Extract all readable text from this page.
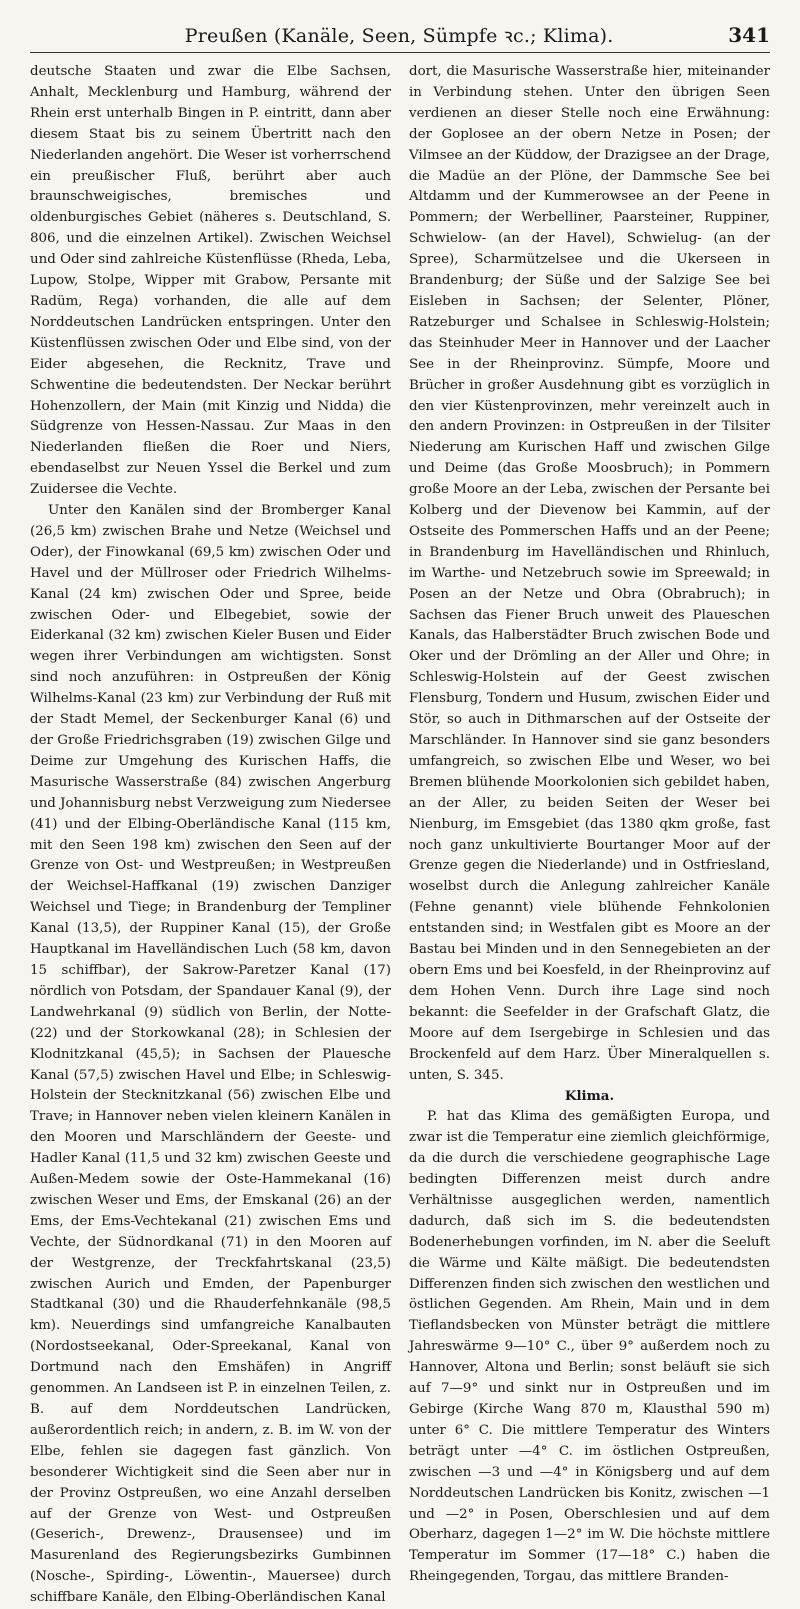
Preußen (Kanäle, Seen, Sümpfe ꝛc.; Klima).	341

deutsche Staaten und zwar die Elbe Sachsen, Anhalt, Mecklenburg und Hamburg, während der Rhein erst unterhalb Bingen in P. eintritt, dann aber diesem Staat bis zu seinem Übertritt nach den Niederlanden angehört. Die Weser ist vorherrschend ein preußischer Fluß, berührt aber auch braunschweigisches, bremisches und oldenburgisches Gebiet (näheres s. Deutschland, S. 806, und die einzelnen Artikel). Zwischen Weichsel und Oder sind zahlreiche Küstenflüsse (Rheda, Leba, Lupow, Stolpe, Wipper mit Grabow, Persante mit Radüm, Rega) vorhanden, die alle auf dem Norddeutschen Landrücken entspringen. Unter den Küstenflüssen zwischen Oder und Elbe sind, von der Eider abgesehen, die Recknitz, Trave und Schwentine die bedeutendsten. Der Neckar berührt Hohenzollern, der Main (mit Kinzig und Nidda) die Südgrenze von Hessen-Nassau. Zur Maas in den Niederlanden fließen die Roer und Niers, ebendaselbst zur Neuen Yssel die Berkel und zum Zuidersee die Vechte.

Unter den Kanälen sind der Bromberger Kanal (26,5 km) zwischen Brahe und Netze (Weichsel und Oder), der Finowkanal (69,5 km) zwischen Oder und Havel und der Müllroser oder Friedrich Wilhelms-Kanal (24 km) zwischen Oder und Spree, beide zwischen Oder- und Elbegebiet, sowie der Eiderkanal (32 km) zwischen Kieler Busen und Eider wegen ihrer Verbindungen am wichtigsten. Sonst sind noch anzuführen: in Ostpreußen der König Wilhelms-Kanal (23 km) zur Verbindung der Ruß mit der Stadt Memel, der Seckenburger Kanal (6) und der Große Friedrichsgraben (19) zwischen Gilge und Deime zur Umgehung des Kurischen Haffs, die Masurische Wasserstraße (84) zwischen Angerburg und Johannisburg nebst Verzweigung zum Niedersee (41) und der Elbing-Oberländische Kanal (115 km, mit den Seen 198 km) zwischen den Seen auf der Grenze von Ost- und Westpreußen; in Westpreußen der Weichsel-Haffkanal (19) zwischen Danziger Weichsel und Tiege; in Brandenburg der Templiner Kanal (13,5), der Ruppiner Kanal (15), der Große Hauptkanal im Havelländischen Luch (58 km, davon 15 schiffbar), der Sakrow-Paretzer Kanal (17) nördlich von Potsdam, der Spandauer Kanal (9), der Landwehrkanal (9) südlich von Berlin, der Notte- (22) und der Storkowkanal (28); in Schlesien der Klodnitzkanal (45,5); in Sachsen der Plauesche Kanal (57,5) zwischen Havel und Elbe; in Schleswig-Holstein der Stecknitzkanal (56) zwischen Elbe und Trave; in Hannover neben vielen kleinern Kanälen in den Mooren und Marschländern der Geeste- und Hadler Kanal (11,5 und 32 km) zwischen Geeste und Außen-Medem sowie der Oste-Hammekanal (16) zwischen Weser und Ems, der Emskanal (26) an der Ems, der Ems-Vechtekanal (21) zwischen Ems und Vechte, der Südnordkanal (71) in den Mooren auf der Westgrenze, der Treckfahrtskanal (23,5) zwischen Aurich und Emden, der Papenburger Stadtkanal (30) und die Rhauderfehnkanäle (98,5 km). Neuerdings sind umfangreiche Kanalbauten (Nordostseekanal, Oder-Spreekanal, Kanal von Dortmund nach den Emshäfen) in Angriff genommen. An Landseen ist P. in einzelnen Teilen, z. B. auf dem Norddeutschen Landrücken, außerordentlich reich; in andern, z. B. im W. von der Elbe, fehlen sie dagegen fast gänzlich. Von besonderer Wichtigkeit sind die Seen aber nur in der Provinz Ostpreußen, wo eine Anzahl derselben auf der Grenze von West- und Ostpreußen (Geserich-, Drewenz-, Drausensee) und im Masurenland des Regierungsbezirks Gumbinnen (Nosche-, Spirding-, Löwentin-, Mauersee) durch schiffbare Kanäle, den Elbing-Oberländischen Kanal

dort, die Masurische Wasserstraße hier, miteinander in Verbindung stehen. Unter den übrigen Seen verdienen an dieser Stelle noch eine Erwähnung: der Goplosee an der obern Netze in Posen; der Vilmsee an der Küddow, der Drazigsee an der Drage, die Madüe an der Plöne, der Dammsche See bei Altdamm und der Kummerowsee an der Peene in Pommern; der Werbelliner, Paarsteiner, Ruppiner, Schwielow- (an der Havel), Schwielug- (an der Spree), Scharmützelsee und die Ukerseen in Brandenburg; der Süße und der Salzige See bei Eisleben in Sachsen; der Selenter, Plöner, Ratzeburger und Schalsee in Schleswig-Holstein; das Steinhuder Meer in Hannover und der Laacher See in der Rheinprovinz. Sümpfe, Moore und Brücher in großer Ausdehnung gibt es vorzüglich in den vier Küstenprovinzen, mehr vereinzelt auch in den andern Provinzen: in Ostpreußen in der Tilsiter Niederung am Kurischen Haff und zwischen Gilge und Deime (das Große Moosbruch); in Pommern große Moore an der Leba, zwischen der Persante bei Kolberg und der Dievenow bei Kammin, auf der Ostseite des Pommerschen Haffs und an der Peene; in Brandenburg im Havelländischen und Rhinluch, im Warthe- und Netzebruch sowie im Spreewald; in Posen an der Netze und Obra (Obrabruch); in Sachsen das Fiener Bruch unweit des Plaueschen Kanals, das Halberstädter Bruch zwischen Bode und Oker und der Drömling an der Aller und Ohre; in Schleswig-Holstein auf der Geest zwischen Flensburg, Tondern und Husum, zwischen Eider und Stör, so auch in Dithmarschen auf der Ostseite der Marschländer. In Hannover sind sie ganz besonders umfangreich, so zwischen Elbe und Weser, wo bei Bremen blühende Moorkolonien sich gebildet haben, an der Aller, zu beiden Seiten der Weser bei Nienburg, im Emsgebiet (das 1380 qkm große, fast noch ganz unkultivierte Bourtanger Moor auf der Grenze gegen die Niederlande) und in Ostfriesland, woselbst durch die Anlegung zahlreicher Kanäle (Fehne genannt) viele blühende Fehnkolonien entstanden sind; in Westfalen gibt es Moore an der Bastau bei Minden und in den Sennegebieten an der obern Ems und bei Koesfeld, in der Rheinprovinz auf dem Hohen Venn. Durch ihre Lage sind noch bekannt: die Seefelder in der Grafschaft Glatz, die Moore auf dem Isergebirge in Schlesien und das Brockenfeld auf dem Harz. Über Mineralquellen s. unten, S. 345.

Klima.

P. hat das Klima des gemäßigten Europa, und zwar ist die Temperatur eine ziemlich gleichförmige, da die durch die verschiedene geographische Lage bedingten Differenzen meist durch andre Verhältnisse ausgeglichen werden, namentlich dadurch, daß sich im S. die bedeutendsten Bodenerhebungen vorfinden, im N. aber die Seeluft die Wärme und Kälte mäßigt. Die bedeutendsten Differenzen finden sich zwischen den westlichen und östlichen Gegenden. Am Rhein, Main und in dem Tieflandsbecken von Münster beträgt die mittlere Jahreswärme 9—10° C., über 9° außerdem noch zu Hannover, Altona und Berlin; sonst beläuft sie sich auf 7—9° und sinkt nur in Ostpreußen und im Gebirge (Kirche Wang 870 m, Klausthal 590 m) unter 6° C. Die mittlere Temperatur des Winters beträgt unter —4° C. im östlichen Ostpreußen, zwischen —3 und —4° in Königsberg und auf dem Norddeutschen Landrücken bis Konitz, zwischen —1 und —2° in Posen, Oberschlesien und auf dem Oberharz, dagegen 1—2° im W. Die höchste mittlere Temperatur im Sommer (17—18° C.) haben die Rheingegenden, Torgau, das mittlere Branden-
